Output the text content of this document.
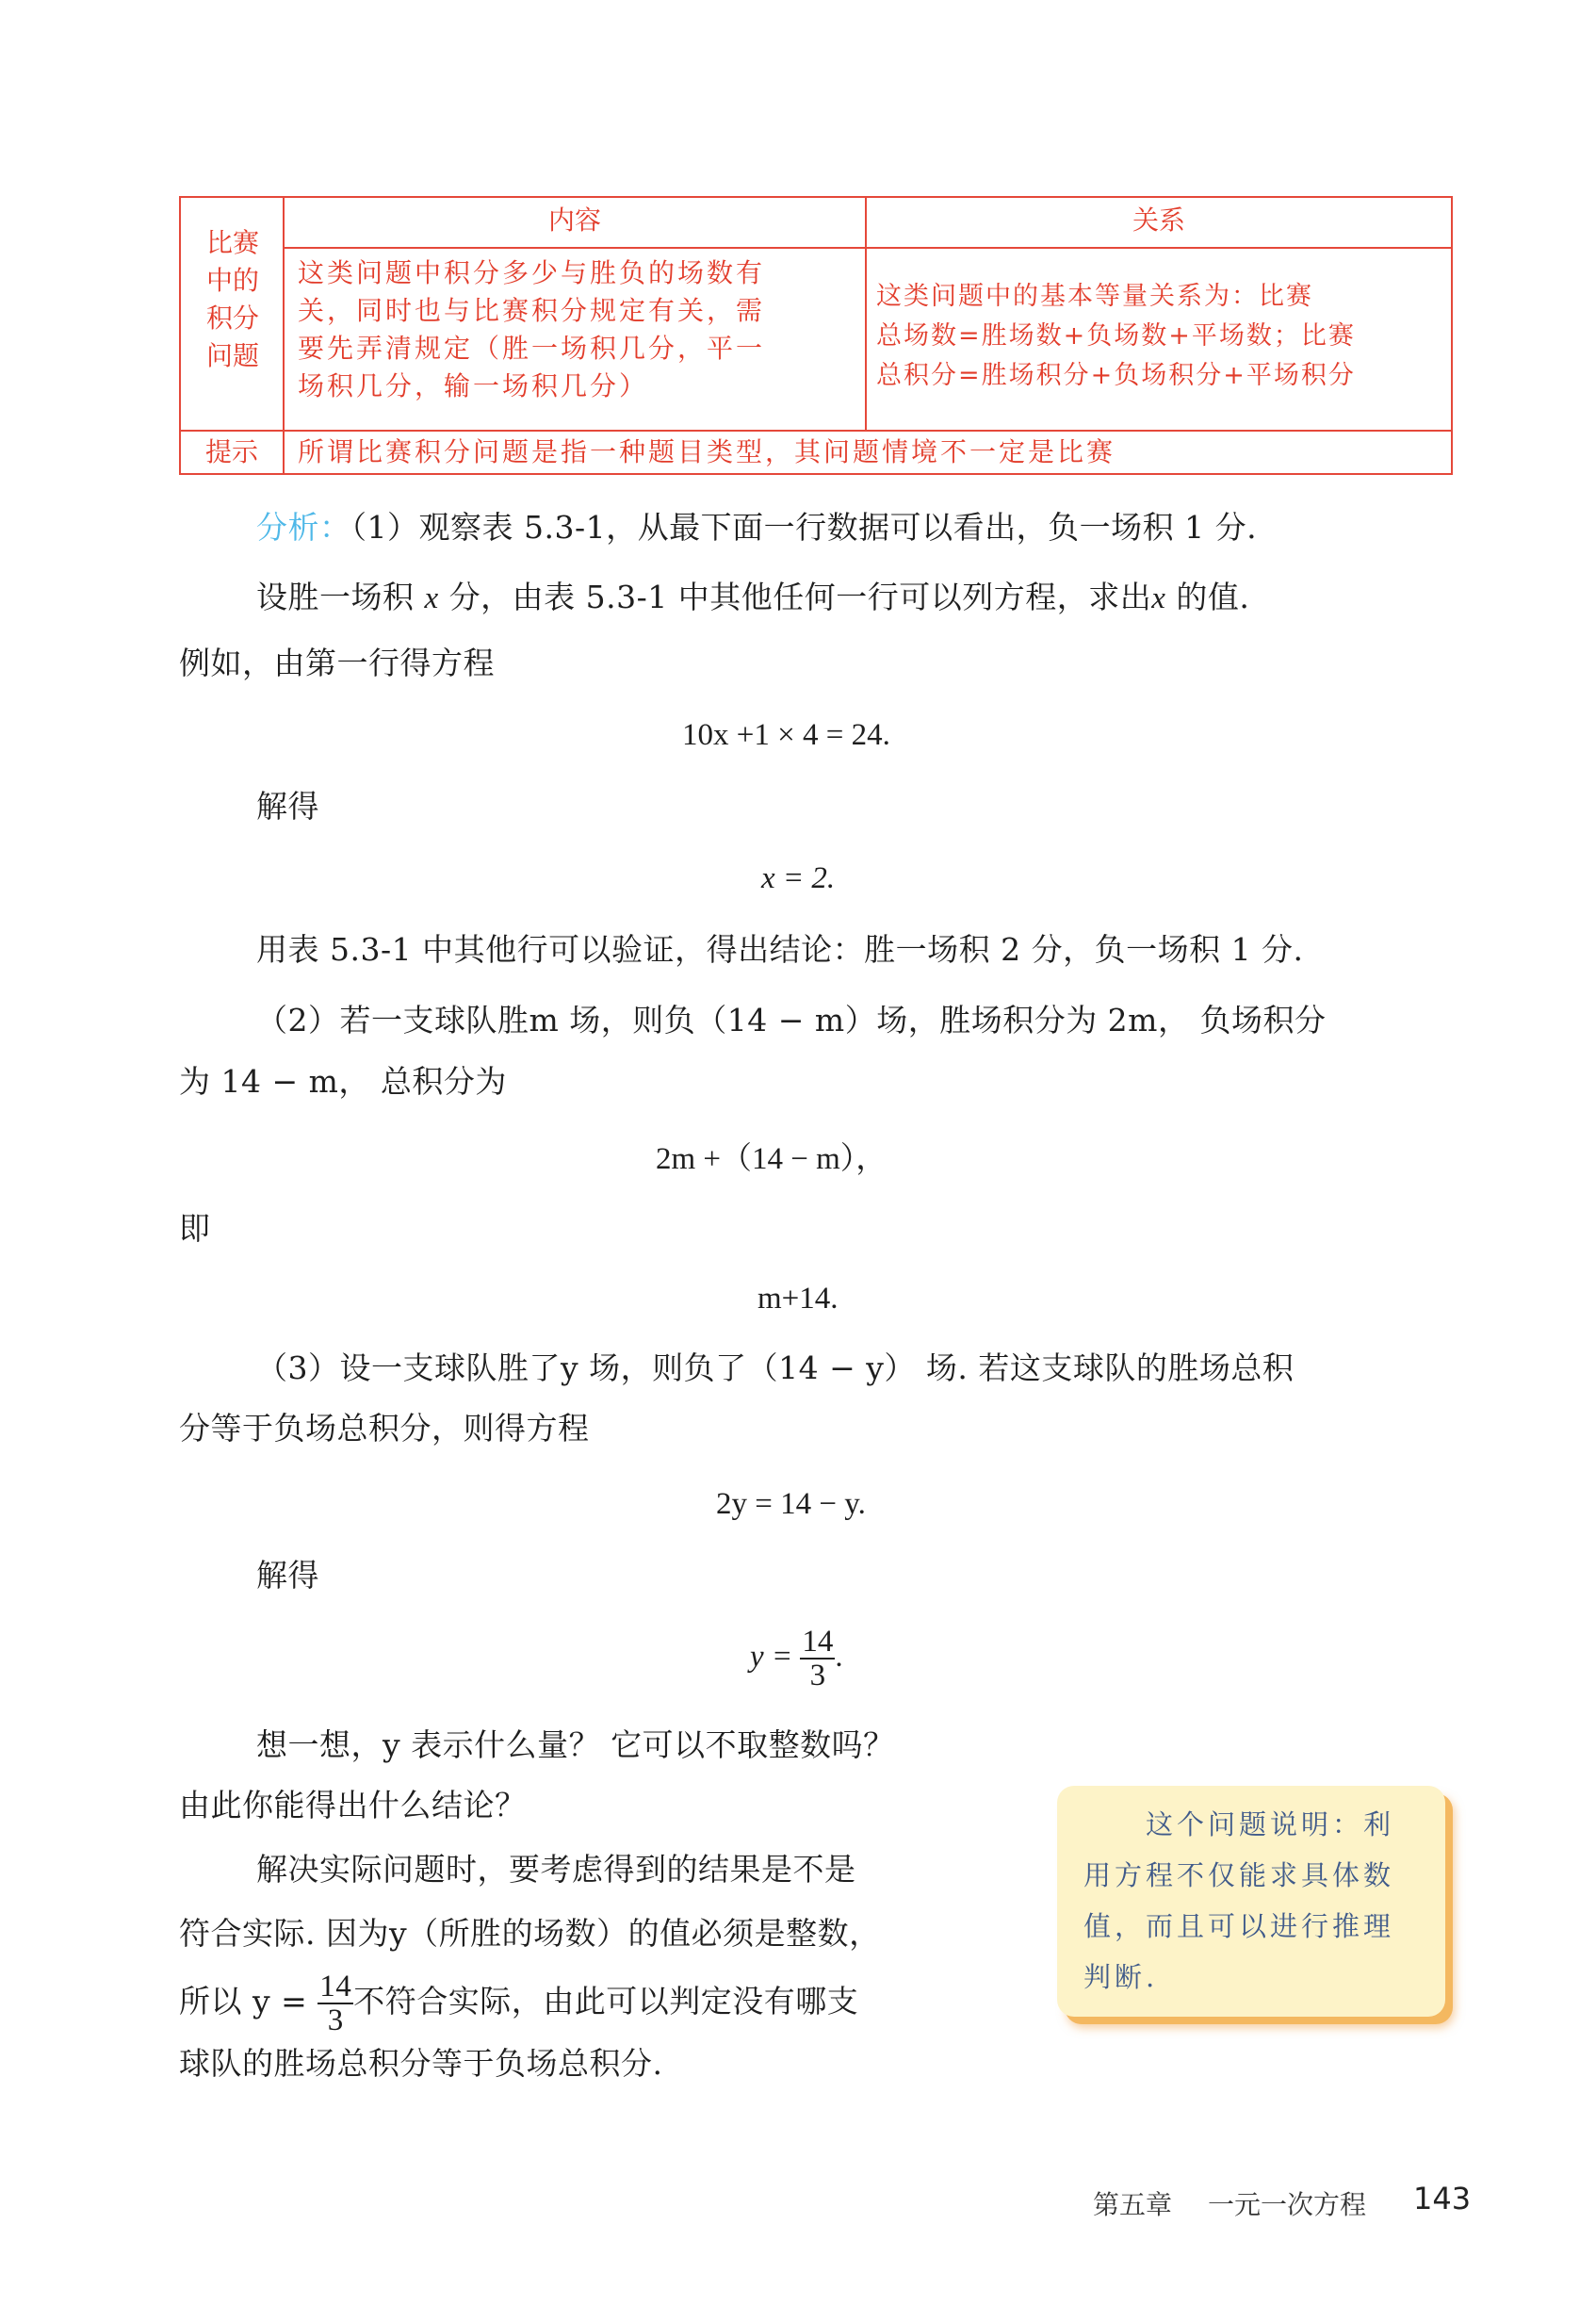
比赛
中的
积分
问题
内容	关系
这类问题中积分多少与胜负的场数有
关，同时也与比赛积分规定有关，需
要先弄清规定（胜一场积几分，平一
场积几分，输一场积几分）
这类问题中的基本等量关系为：比赛
总场数=胜场数+负场数+平场数；比赛
总积分=胜场积分+负场积分+平场积分
提示	所谓比赛积分问题是指一种题目类型，其问题情境不一定是比赛
分析：（1）观察表 5.3-1，从最下面一行数据可以看出，负一场积 1 分.
设胜一场积 x 分，由表 5.3-1 中其他任何一行可以列方程，求出x 的值.
例如，由第一行得方程
10x +1 × 4 = 24.
解得
x = 2.
用表 5.3-1 中其他行可以验证，得出结论：胜一场积 2 分，负一场积 1 分.
（2）若一支球队胜m 场，则负（14 − m）场，胜场积分为 2m， 负场积分
为 14 − m， 总积分为
2m +（14 − m），
即
m+14.
（3）设一支球队胜了y 场，则负了（14 − y） 场. 若这支球队的胜场总积
分等于负场总积分，则得方程
2y = 14 − y.
解得
$y = \frac{14}{3}$ .
想一想，y 表示什么量？ 它可以不取整数吗？
由此你能得出什么结论？
解决实际问题时，要考虑得到的结果是不是
符合实际. 因为y（所胜的场数）的值必须是整数，
所以 $y = \frac{14}{3}$ 不符合实际，由此可以判定没有哪支
球队的胜场总积分等于负场总积分.
　　这个问题说明：利
用方程不仅能求具体数
值，而且可以进行推理
判断.
第五章 一元一次方程 143
